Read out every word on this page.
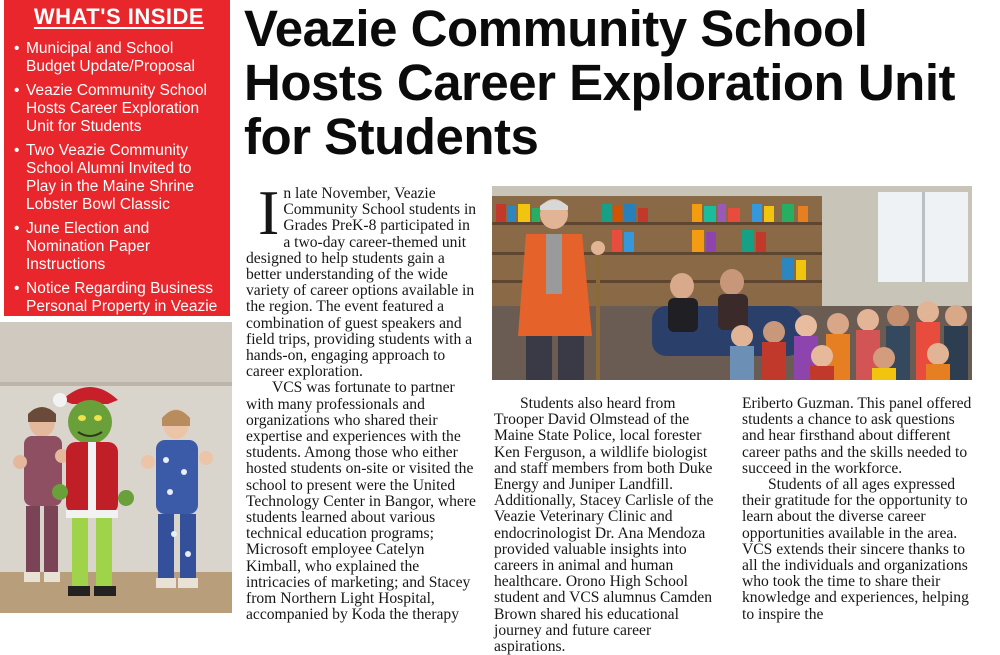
WHAT'S INSIDE
• Municipal and School Budget Update/Proposal
• Veazie Community School Hosts Career Exploration Unit for Students
• Two Veazie Community School Alumni Invited to Play in the Maine Shrine Lobster Bowl Classic
• June Election and Nomination Paper Instructions
• Notice Regarding Business Personal Property in Veazie
Veazie Community School Hosts Career Exploration Unit for Students

In late November, Veazie Community School students in Grades PreK-8 participated in a two-day career-themed unit designed to help students gain a better understanding of the wide variety of career options available in the region. The event featured a combination of guest speakers and field trips, providing students with a hands-on, engaging approach to career exploration.

VCS was fortunate to partner with many professionals and organizations who shared their expertise and experiences with the students. Among those who either hosted students on-site or visited the school to present were the United Technology Center in Bangor, where students learned about various technical education programs; Microsoft employee Catelyn Kimball, who explained the intricacies of marketing; and Stacey from Northern Light Hospital, accompanied by Koda the therapy

Students also heard from Trooper David Olmstead of the Maine State Police, local forester Ken Ferguson, a wildlife biologist and staff members from both Duke Energy and Juniper Landfill. Additionally, Stacey Carlisle of the Veazie Veterinary Clinic and endocrinologist Dr. Ana Mendoza provided valuable insights into careers in animal and human healthcare. Orono High School student and VCS alumnus Camden Brown shared his educational journey and future career aspirations.

Eriberto Guzman. This panel offered students a chance to ask questions and hear firsthand about different career paths and the skills needed to succeed in the workforce.

Students of all ages expressed their gratitude for the opportunity to learn about the diverse career opportunities available in the area. VCS extends their sincere thanks to all the individuals and organizations who took the time to share their knowledge and experiences, helping to inspire the
